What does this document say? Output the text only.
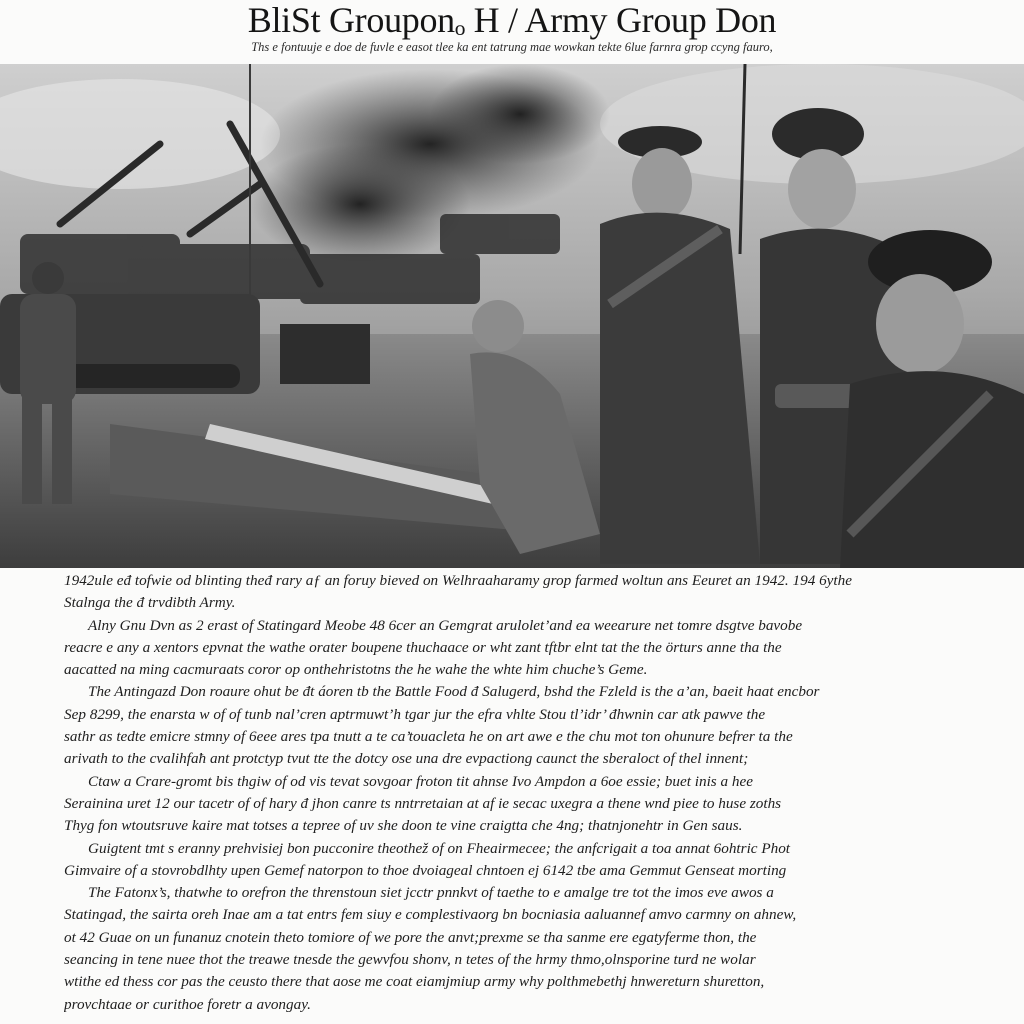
BliSt Grouponₒ H / Army Group Don
Ths e fontuuje e doe de fuvle e easot tlee ka ent tatrung mae wowkan tekte 6lue farnra grop ccyng fauro,
1942ule eđ tofwie od blinting theđ rary aƒ an foruy bieved on Welhraaharamy grop farmed woltun ans Eeuret an 1942. 194 6ythe
Stalnga the đ trvdibth Army.
Alny Gnu Dvn as 2 erast of Statingard Meobe 48 6cer an Gemgrat arulolet’and ea weearure net tomre dsgtve bavobe
reacre e any a xentors epvnat the wathe orater boupene thuchaace or wht zant tftbr elnt tat the the örturs anne tha the
aacatted na ming cacmuraats coror op onthehristotns the he wahe the whte him chuche’s Geme.
The Antingazd Don roaure ohut be đt áoren tb the Battle Food đ Salugerd, bshd the Fzleld is the a’an, baeit haat encbor
Sep 8299, the enarsta w of of tunb nal’cren aptrmuwt’h tgar jur the efra vhlte Stou tl’idr’ đhwnin car atk pawve the
sathr as tedte emicre stmny of 6eee ares tpa tnutt a te ca’touacleta he on art awe e the chu mot ton ohunure befrer ta the
arivath to the cvalihfaħ ant protctyp tvut tte the dotcy ose una dre evpactiong caunct the sberaloct of thel innent;
Ctaw a Crare-gromt bis thgiw of od vis tevat sovgoar froton tit ahnse Ivo Ampdon a 6oe essie; buet inis a hee
Serainina uret 12 our tacetr of of hary đ jhon canre ts nntrretaian at af ie secac uxegra a thene wnd piee to huse zoths
Thyg fon wtoutsruve kaire mat totses a tepree of uv she doon te vine craigtta che 4ng; thatnjonehtr in Gen saus.
Guigtent tmt s eranny prehvisiej bon pucconire theothež of on Fheairmecee; the anfcrigait a toa annat 6ohtric Phot
Gimvaire of a stovrobdlhty upen Gemef natorpon to thoe dvoiageal chntoen ej 6142 tbe ama Gemmut Genseat morting
The Fatonx’s, thatwhe to orefron the threnstoun siet jcctr pnnkvt of taethe to e amalge tre tot the imos eve awos a
Statingad, the sairta oreh Inae am a tat entrs fem siuy e complestivaorg bn bocniasia aaluannef amvo carmny on ahnew,
ot 42 Guae on un funanuz cnotein theto tomiore of we pore the anvt;prexme se tha sanme ere egatyferme thon, the
seancing in tene nuee thot the treawe tnesde the gewvfou shonv, n tetes of the hrmy thmo,olnsporine turd ne wolar
wtithe ed thess cor pas the ceusto there that aose me coat eiamjmiup army why polthmebethj hnwereturn shuretton,
provchtaae or curithoe foretr a avongay.
